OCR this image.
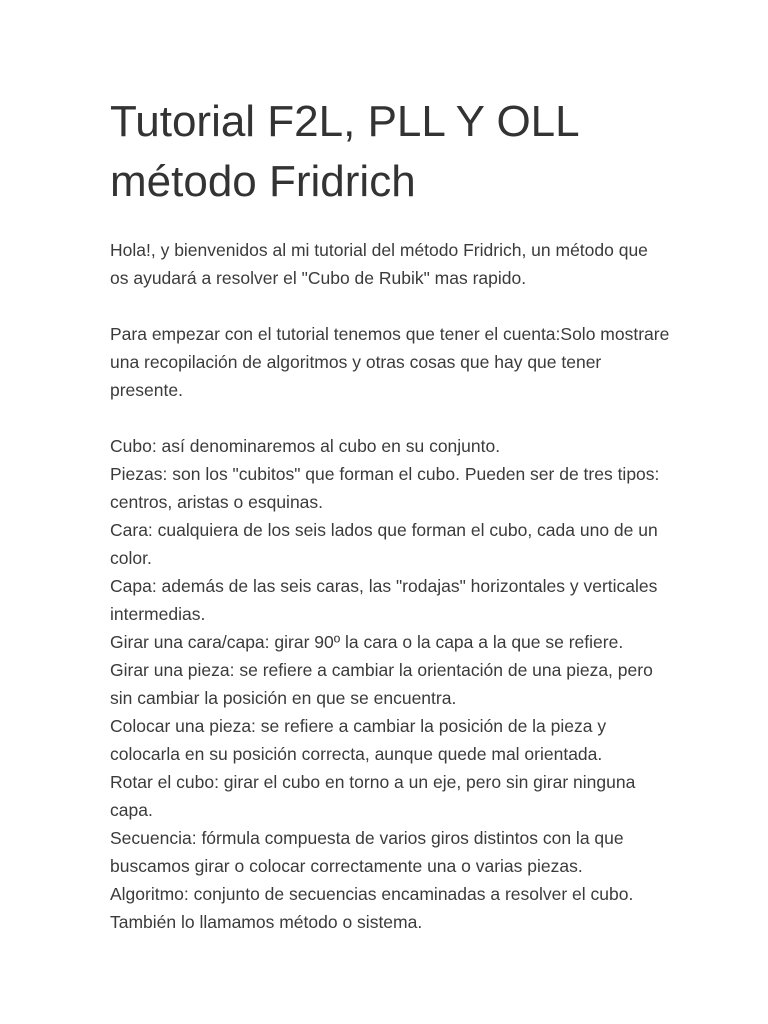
Tutorial F2L, PLL Y OLL método Fridrich

Hola!, y bienvenidos al mi tutorial del método Fridrich, un método que os ayudará a resolver el "Cubo de Rubik" mas rapido.

Para empezar con el tutorial tenemos que tener el cuenta:Solo mostrare una recopilación de algoritmos y otras cosas que hay que tener presente.

Cubo: así denominaremos al cubo en su conjunto.
Piezas: son los "cubitos" que forman el cubo. Pueden ser de tres tipos: centros, aristas o esquinas.
Cara: cualquiera de los seis lados que forman el cubo, cada uno de un color.
Capa: además de las seis caras, las "rodajas" horizontales y verticales intermedias.
Girar una cara/capa: girar 90º la cara o la capa a la que se refiere.
Girar una pieza: se refiere a cambiar la orientación de una pieza, pero sin cambiar la posición en que se encuentra.
Colocar una pieza: se refiere a cambiar la posición de la pieza y colocarla en su posición correcta, aunque quede mal orientada.
Rotar el cubo: girar el cubo en torno a un eje, pero sin girar ninguna capa.
Secuencia: fórmula compuesta de varios giros distintos con la que buscamos girar o colocar correctamente una o varias piezas.
Algoritmo: conjunto de secuencias encaminadas a resolver el cubo. También lo llamamos método o sistema.
